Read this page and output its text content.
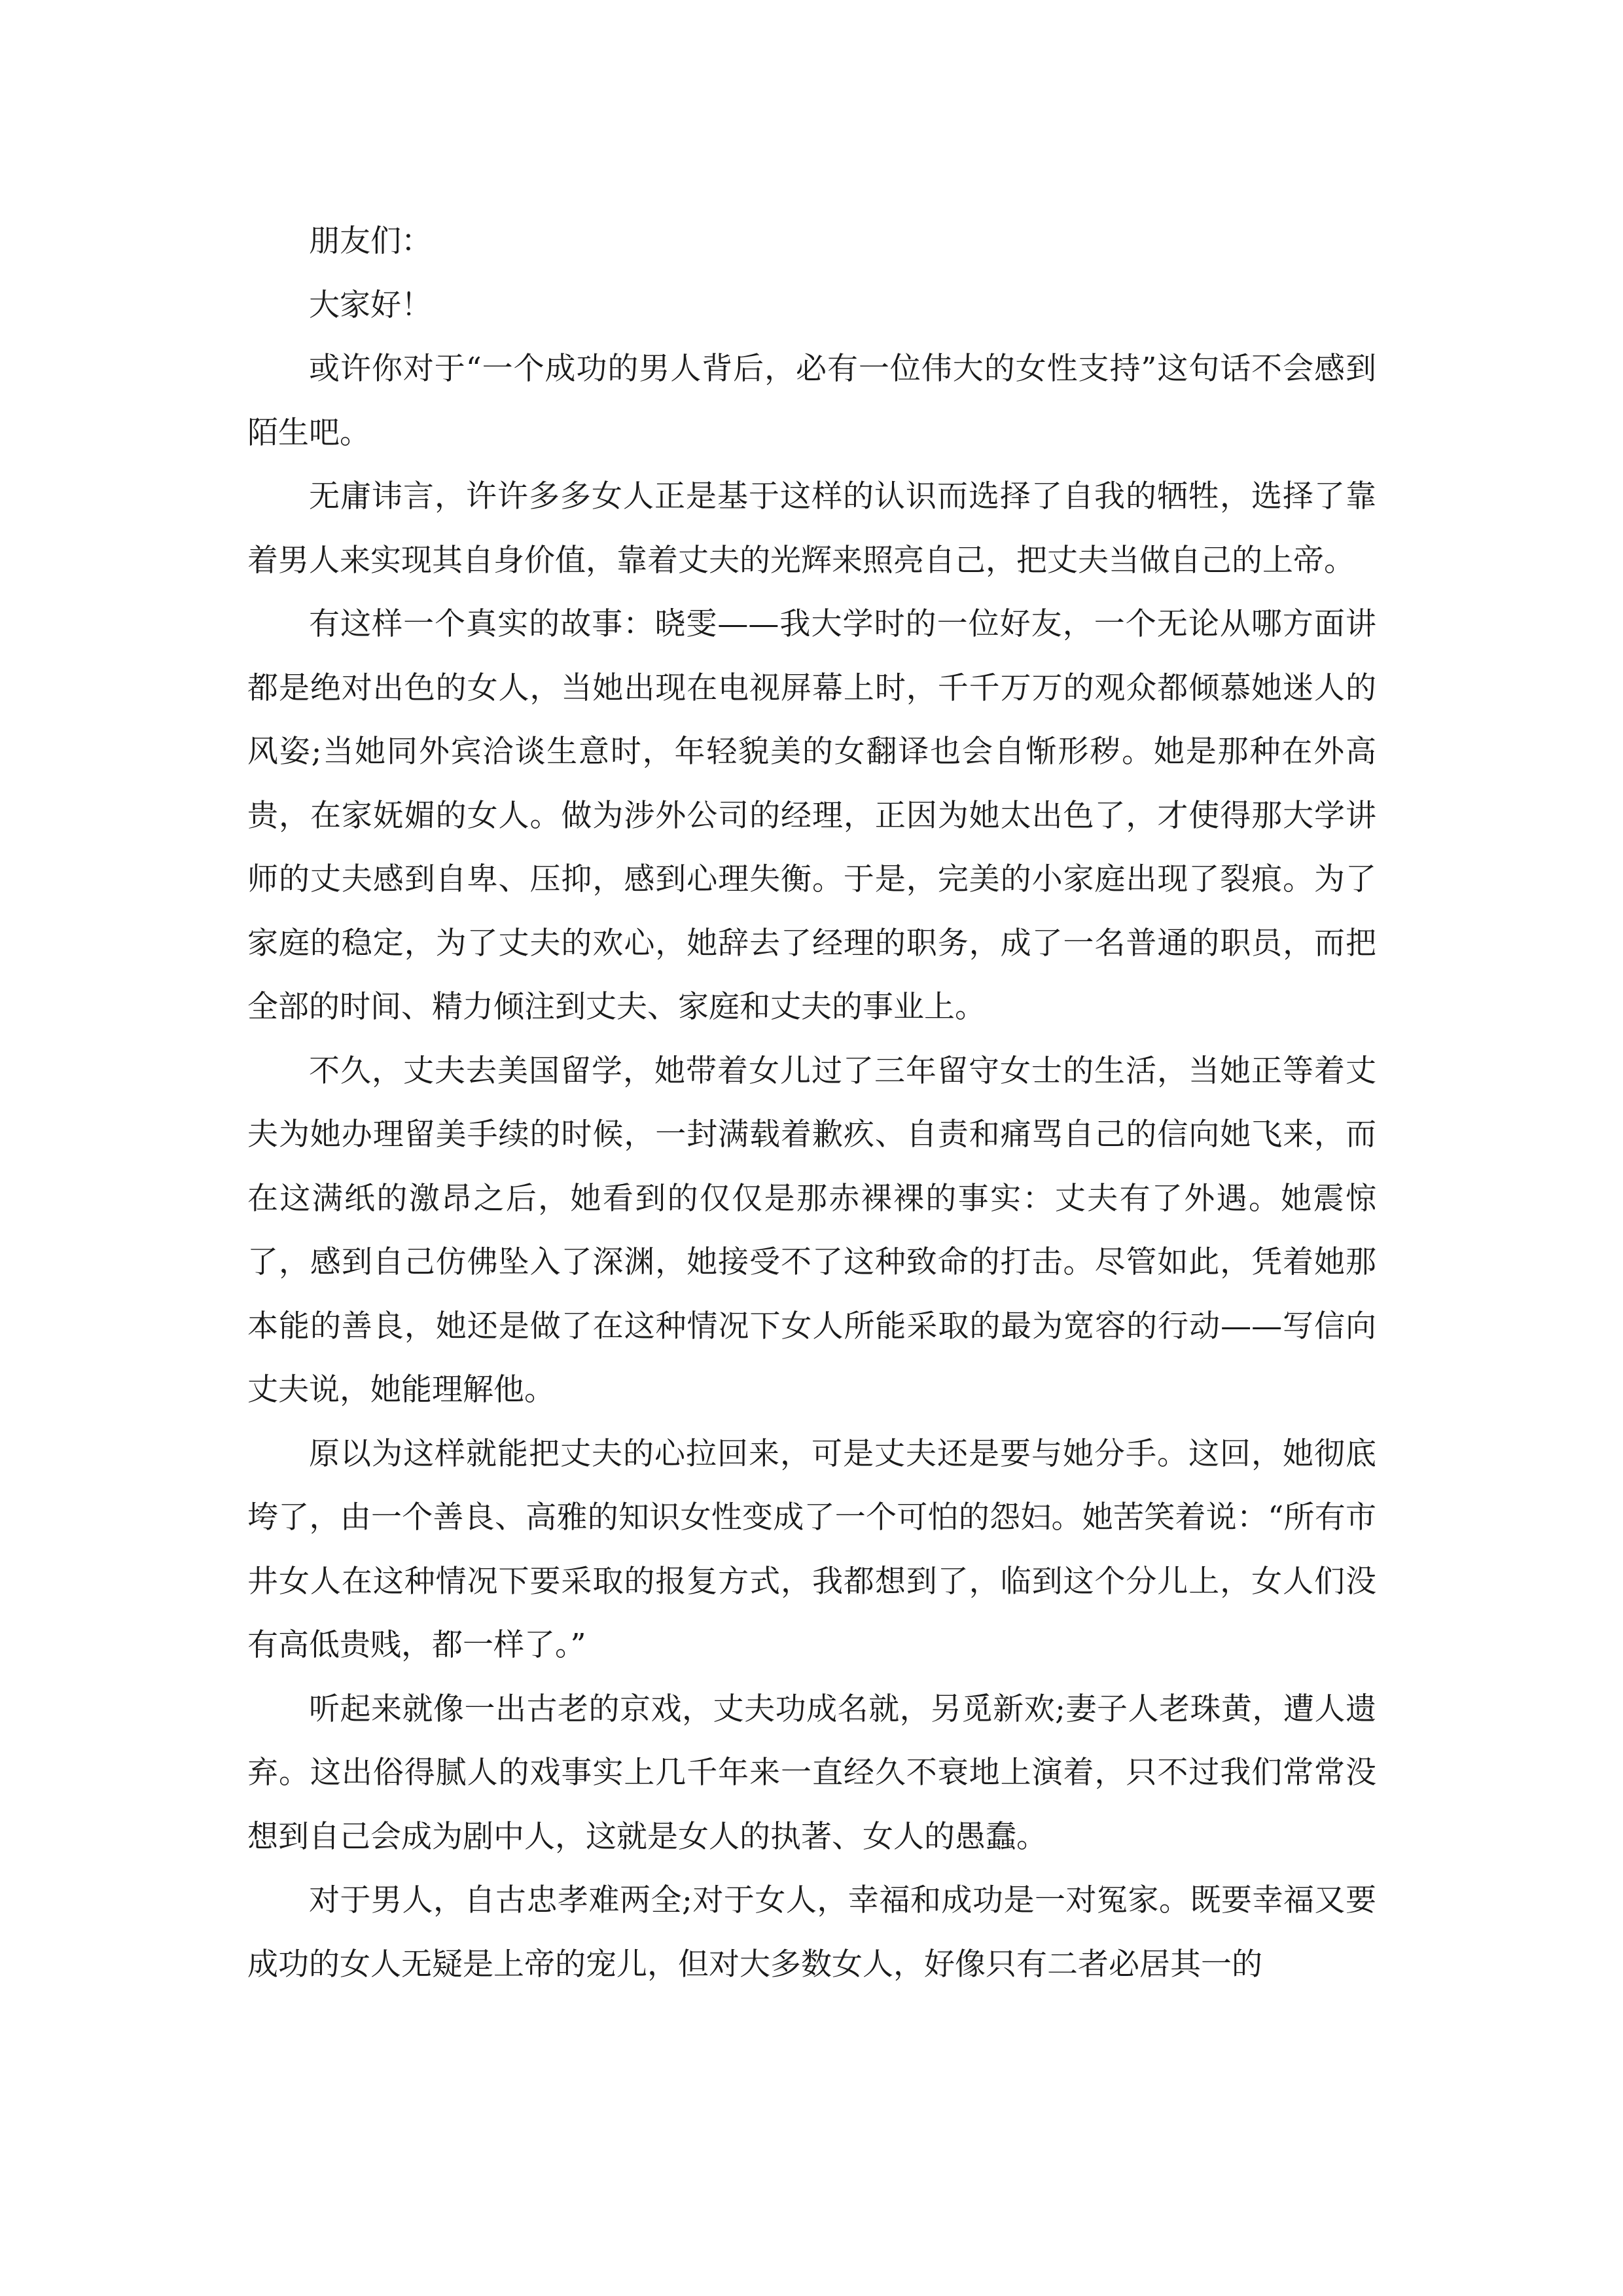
朋友们：

大家好！

或许你对于“一个成功的男人背后，必有一位伟大的女性支持”这句话不会感到陌生吧。

无庸讳言，许许多多女人正是基于这样的认识而选择了自我的牺牲，选择了靠着男人来实现其自身价值，靠着丈夫的光辉来照亮自己，把丈夫当做自己的上帝。

有这样一个真实的故事：晓雯——我大学时的一位好友，一个无论从哪方面讲都是绝对出色的女人，当她出现在电视屏幕上时，千千万万的观众都倾慕她迷人的风姿;当她同外宾洽谈生意时，年轻貌美的女翻译也会自惭形秽。她是那种在外高贵，在家妩媚的女人。做为涉外公司的经理，正因为她太出色了，才使得那大学讲师的丈夫感到自卑、压抑，感到心理失衡。于是，完美的小家庭出现了裂痕。为了家庭的稳定，为了丈夫的欢心，她辞去了经理的职务，成了一名普通的职员，而把全部的时间、精力倾注到丈夫、家庭和丈夫的事业上。

不久，丈夫去美国留学，她带着女儿过了三年留守女士的生活，当她正等着丈夫为她办理留美手续的时候，一封满载着歉疚、自责和痛骂自己的信向她飞来，而在这满纸的激昂之后，她看到的仅仅是那赤裸裸的事实：丈夫有了外遇。她震惊了，感到自己仿佛坠入了深渊，她接受不了这种致命的打击。尽管如此，凭着她那本能的善良，她还是做了在这种情况下女人所能采取的最为宽容的行动——写信向丈夫说，她能理解他。

原以为这样就能把丈夫的心拉回来，可是丈夫还是要与她分手。这回，她彻底垮了，由一个善良、高雅的知识女性变成了一个可怕的怨妇。她苦笑着说：“所有市井女人在这种情况下要采取的报复方式，我都想到了，临到这个分儿上，女人们没有高低贵贱，都一样了。”

听起来就像一出古老的京戏，丈夫功成名就，另觅新欢;妻子人老珠黄，遭人遗弃。这出俗得腻人的戏事实上几千年来一直经久不衰地上演着，只不过我们常常没想到自己会成为剧中人，这就是女人的执著、女人的愚蠢。

对于男人，自古忠孝难两全;对于女人，幸福和成功是一对冤家。既要幸福又要成功的女人无疑是上帝的宠儿，但对大多数女人，好像只有二者必居其一的
